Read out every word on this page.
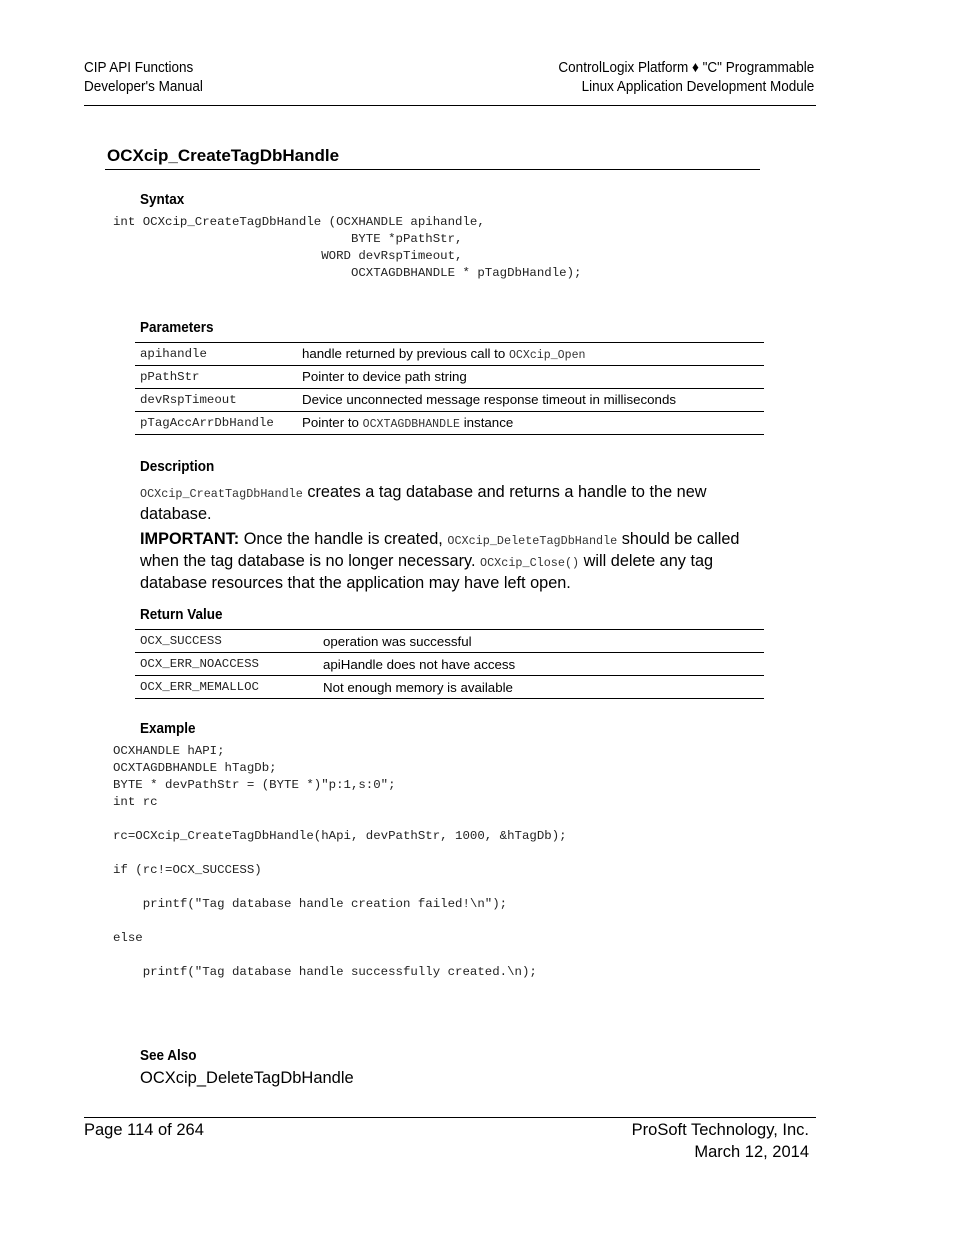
CIP API Functions
Developer's Manual
ControlLogix Platform ♦ "C" Programmable
Linux Application Development Module
OCXcip_CreateTagDbHandle
Syntax
int OCXcip_CreateTagDbHandle (OCXHANDLE apihandle,
BYTE *pPathStr,
WORD devRspTimeout,
OCXTAGDBHANDLE * pTagDbHandle);
Parameters
apihandle	handle returned by previous call to OCXcip_Open
pPathStr	Pointer to device path string
devRspTimeout	Device unconnected message response timeout in milliseconds
pTagAccArrDbHandle	Pointer to OCXTAGDBHANDLE instance
Description

OCXcip_CreatTagDbHandle creates a tag database and returns a handle to the new database.

IMPORTANT: Once the handle is created, OCXcip_DeleteTagDbHandle should be called when the tag database is no longer necessary. OCXcip_Close() will delete any tag database resources that the application may have left open.

Return Value
OCX_SUCCESS	operation was successful
OCX_ERR_NOACCESS	apiHandle does not have access
OCX_ERR_MEMALLOC	Not enough memory is available
Example
OCXHANDLE hAPI;
OCXTAGDBHANDLE hTagDb;
BYTE * devPathStr = (BYTE *)"p:1,s:0";
int rc

rc=OCXcip_CreateTagDbHandle(hApi, devPathStr, 1000, &hTagDb);

if (rc!=OCX_SUCCESS)

printf("Tag database handle creation failed!\n");

else

printf("Tag database handle successfully created.\n);
See Also
OCXcip_DeleteTagDbHandle
Page 114 of 264	ProSoft Technology, Inc.
March 12, 2014
